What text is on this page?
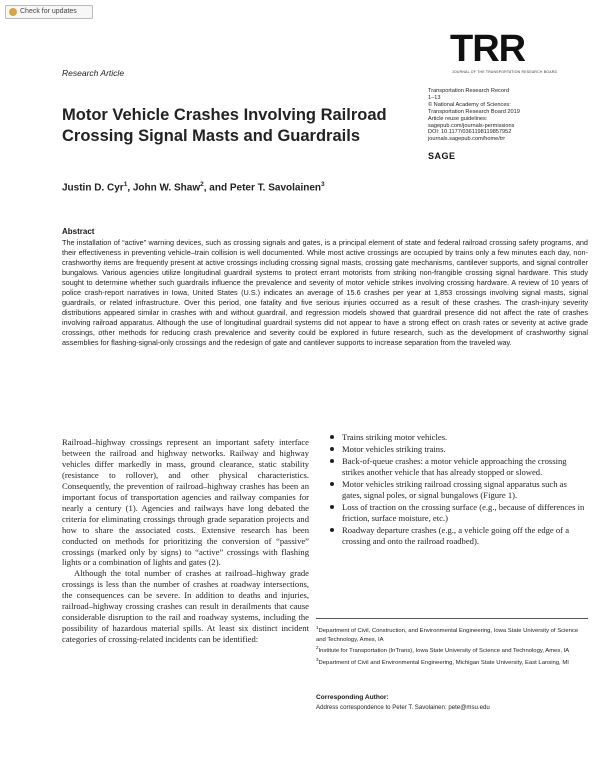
Check for updates
Research Article
TRR
JOURNAL OF THE TRANSPORTATION RESEARCH BOARD
Transportation Research Record
1–13
© National Academy of Sciences:
Transportation Research Board 2019
Article reuse guidelines:
sagepub.com/journals-permissions
DOI: 10.1177/0361198119857952
journals.sagepub.com/home/trr
SAGE
Motor Vehicle Crashes Involving Railroad Crossing Signal Masts and Guardrails
Justin D. Cyr$^1$, John W. Shaw$^2$, and Peter T. Savolainen$^3$
Abstract
The installation of “active” warning devices, such as crossing signals and gates, is a principal element of state and federal railroad crossing safety programs, and their effectiveness in preventing vehicle–train collision is well documented. While most active crossings are occupied by trains only a few minutes each day, non-crashworthy items are frequently present at active crossings including crossing signal masts, crossing gate mechanisms, cantilever supports, and signal controller bungalows. Various agencies utilize longitudinal guardrail systems to protect errant motorists from striking non-frangible crossing signal hardware. This study sought to determine whether such guardrails influence the prevalence and severity of motor vehicle strikes involving crossing hardware. A review of 10 years of police crash-report narratives in Iowa, United States (U.S.) indicates an average of 15.6 crashes per year at 1,853 crossings involving signal masts, signal guardrails, or related infrastructure. Over this period, one fatality and five serious injuries occurred as a result of these crashes. The crash-injury severity distributions appeared similar in crashes with and without guardrail, and regression models showed that guardrail presence did not affect the rate of crashes involving railroad apparatus. Although the use of longitudinal guardrail systems did not appear to have a strong effect on crash rates or severity at active grade crossings, other methods for reducing crash prevalence and severity could be explored in future research, such as the development of crashworthy signal assemblies for flashing-signal-only crossings and the redesign of gate and cantilever supports to increase separation from the traveled way.

Railroad–highway crossings represent an important safety interface between the railroad and highway networks. Railway and highway vehicles differ markedly in mass, ground clearance, static stability (resistance to rollover), and other physical characteristics. Consequently, the prevention of railroad–highway crashes has been an important focus of transportation agencies and railway companies for nearly a century (1). Agencies and railways have long debated the criteria for eliminating crossings through grade separation projects and how to share the associated costs. Extensive research has been conducted on methods for prioritizing the conversion of “passive” crossings (marked only by signs) to “active” crossings with flashing lights or a combination of lights and gates (2).

Although the total number of crashes at railroad–highway grade crossings is less than the number of crashes at roadway intersections, the consequences can be severe. In addition to deaths and injuries, railroad–highway crossing crashes can result in derailments that cause considerable disruption to the rail and roadway systems, including the possibility of hazardous material spills. At least six distinct incident categories of crossing-related incidents can be identified:

Trains striking motor vehicles.
Motor vehicles striking trains.
Back-of-queue crashes: a motor vehicle approaching the crossing strikes another vehicle that has already stopped or slowed.
Motor vehicles striking railroad crossing signal apparatus such as gates, signal poles, or signal bungalows (Figure 1).
Loss of traction on the crossing surface (e.g., because of differences in friction, surface moisture, etc.)
Roadway departure crashes (e.g., a vehicle going off the edge of a crossing and onto the railroad roadbed).

$^1$Department of Civil, Construction, and Environmental Engineering, Iowa State University of Science and Technology, Ames, IA

$^2$Institute for Transportation (InTrans), Iowa State University of Science and Technology, Ames, IA

$^3$Department of Civil and Environmental Engineering, Michigan State University, East Lansing, MI

Corresponding Author:
Address correspondence to Peter T. Savolainen: pete@msu.edu
